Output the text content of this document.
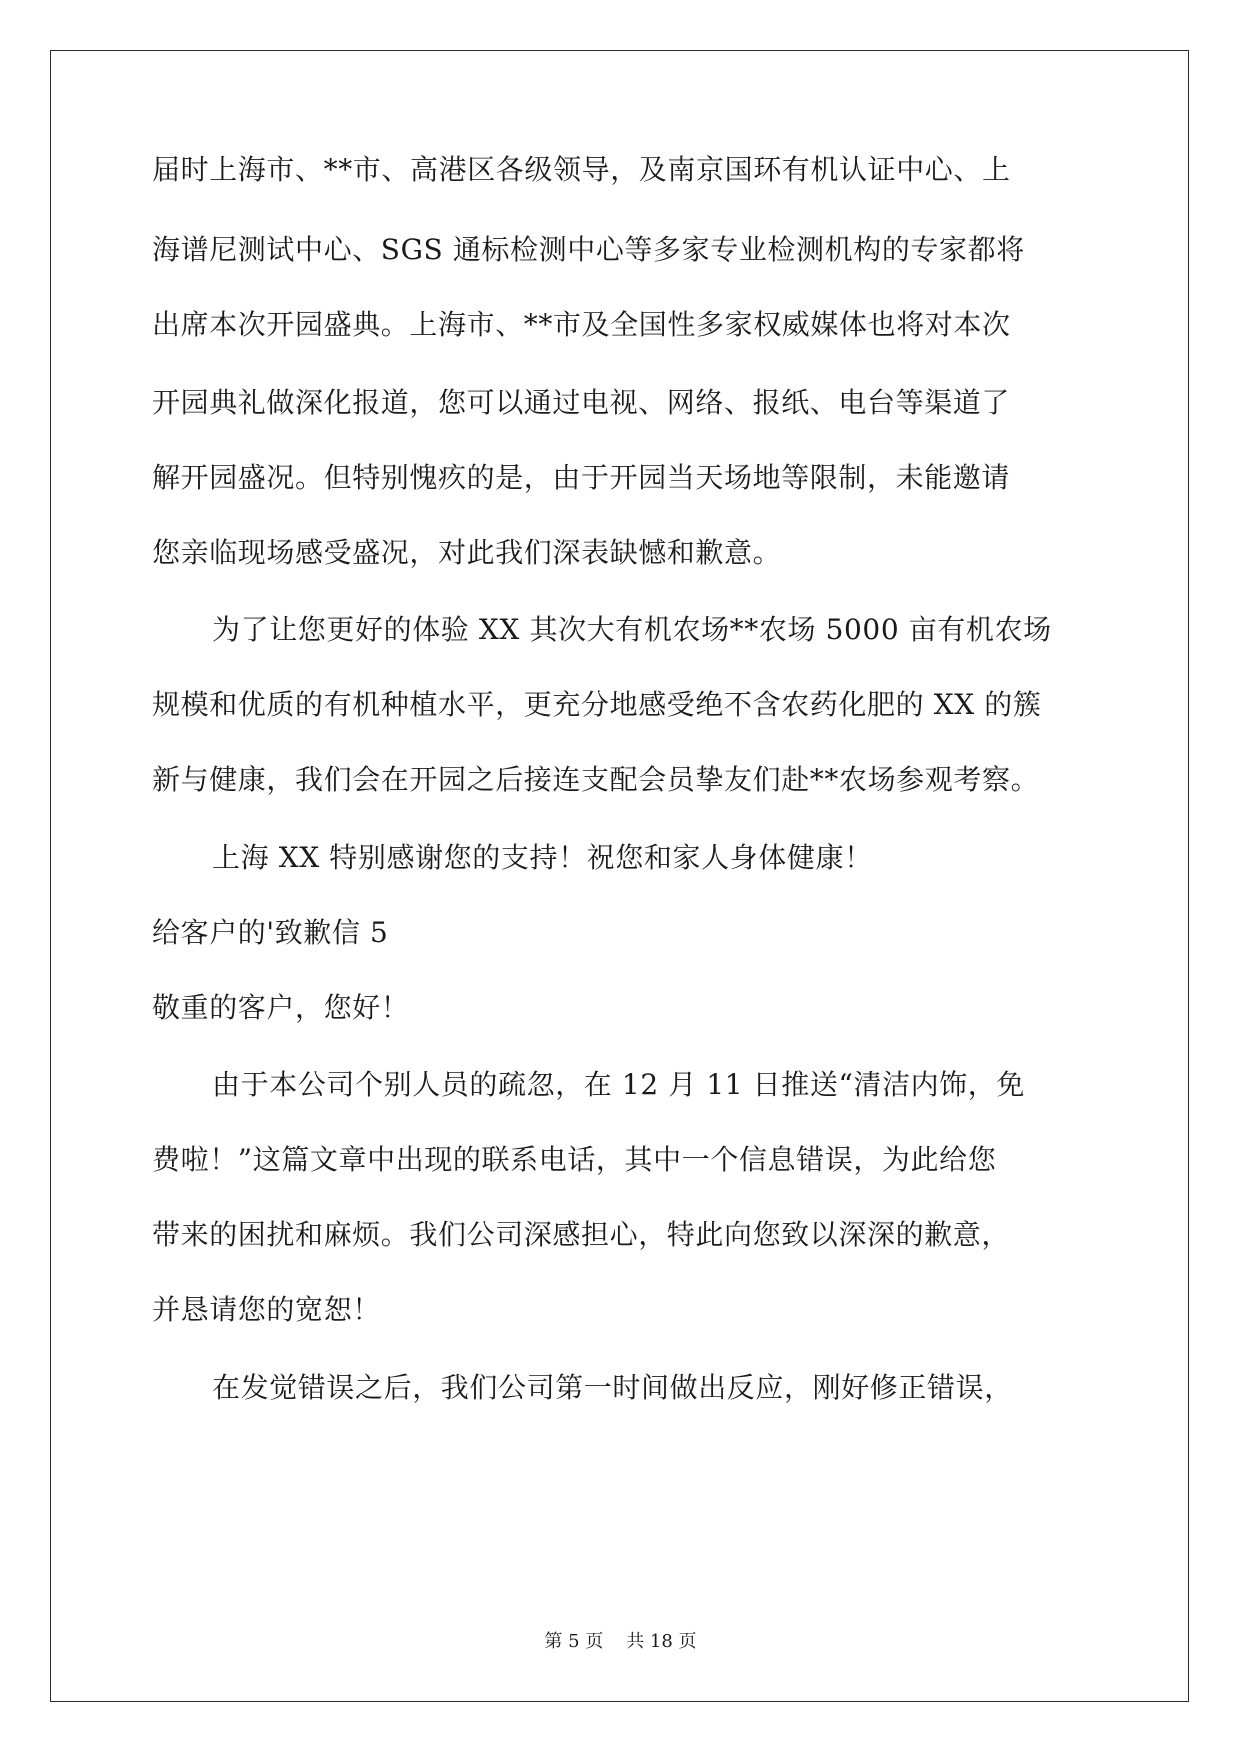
届时上海市、**市、高港区各级领导，及南京国环有机认证中心、上
海谱尼测试中心、SGS 通标检测中心等多家专业检测机构的专家都将
出席本次开园盛典。上海市、**市及全国性多家权威媒体也将对本次
开园典礼做深化报道，您可以通过电视、网络、报纸、电台等渠道了
解开园盛况。但特别愧疚的是，由于开园当天场地等限制，未能邀请
您亲临现场感受盛况，对此我们深表缺憾和歉意。
为了让您更好的体验 XX 其次大有机农场**农场 5000 亩有机农场
规模和优质的有机种植水平，更充分地感受绝不含农药化肥的 XX 的簇
新与健康，我们会在开园之后接连支配会员挚友们赴**农场参观考察。
上海 XX 特别感谢您的支持！祝您和家人身体健康！
给客户的'致歉信 5
敬重的客户，您好！
由于本公司个别人员的疏忽，在 12 月 11 日推送“清洁内饰，免
费啦！”这篇文章中出现的联系电话，其中一个信息错误，为此给您
带来的困扰和麻烦。我们公司深感担心，特此向您致以深深的歉意，
并恳请您的宽恕！
在发觉错误之后，我们公司第一时间做出反应，刚好修正错误，
第 5 页    共 18 页
